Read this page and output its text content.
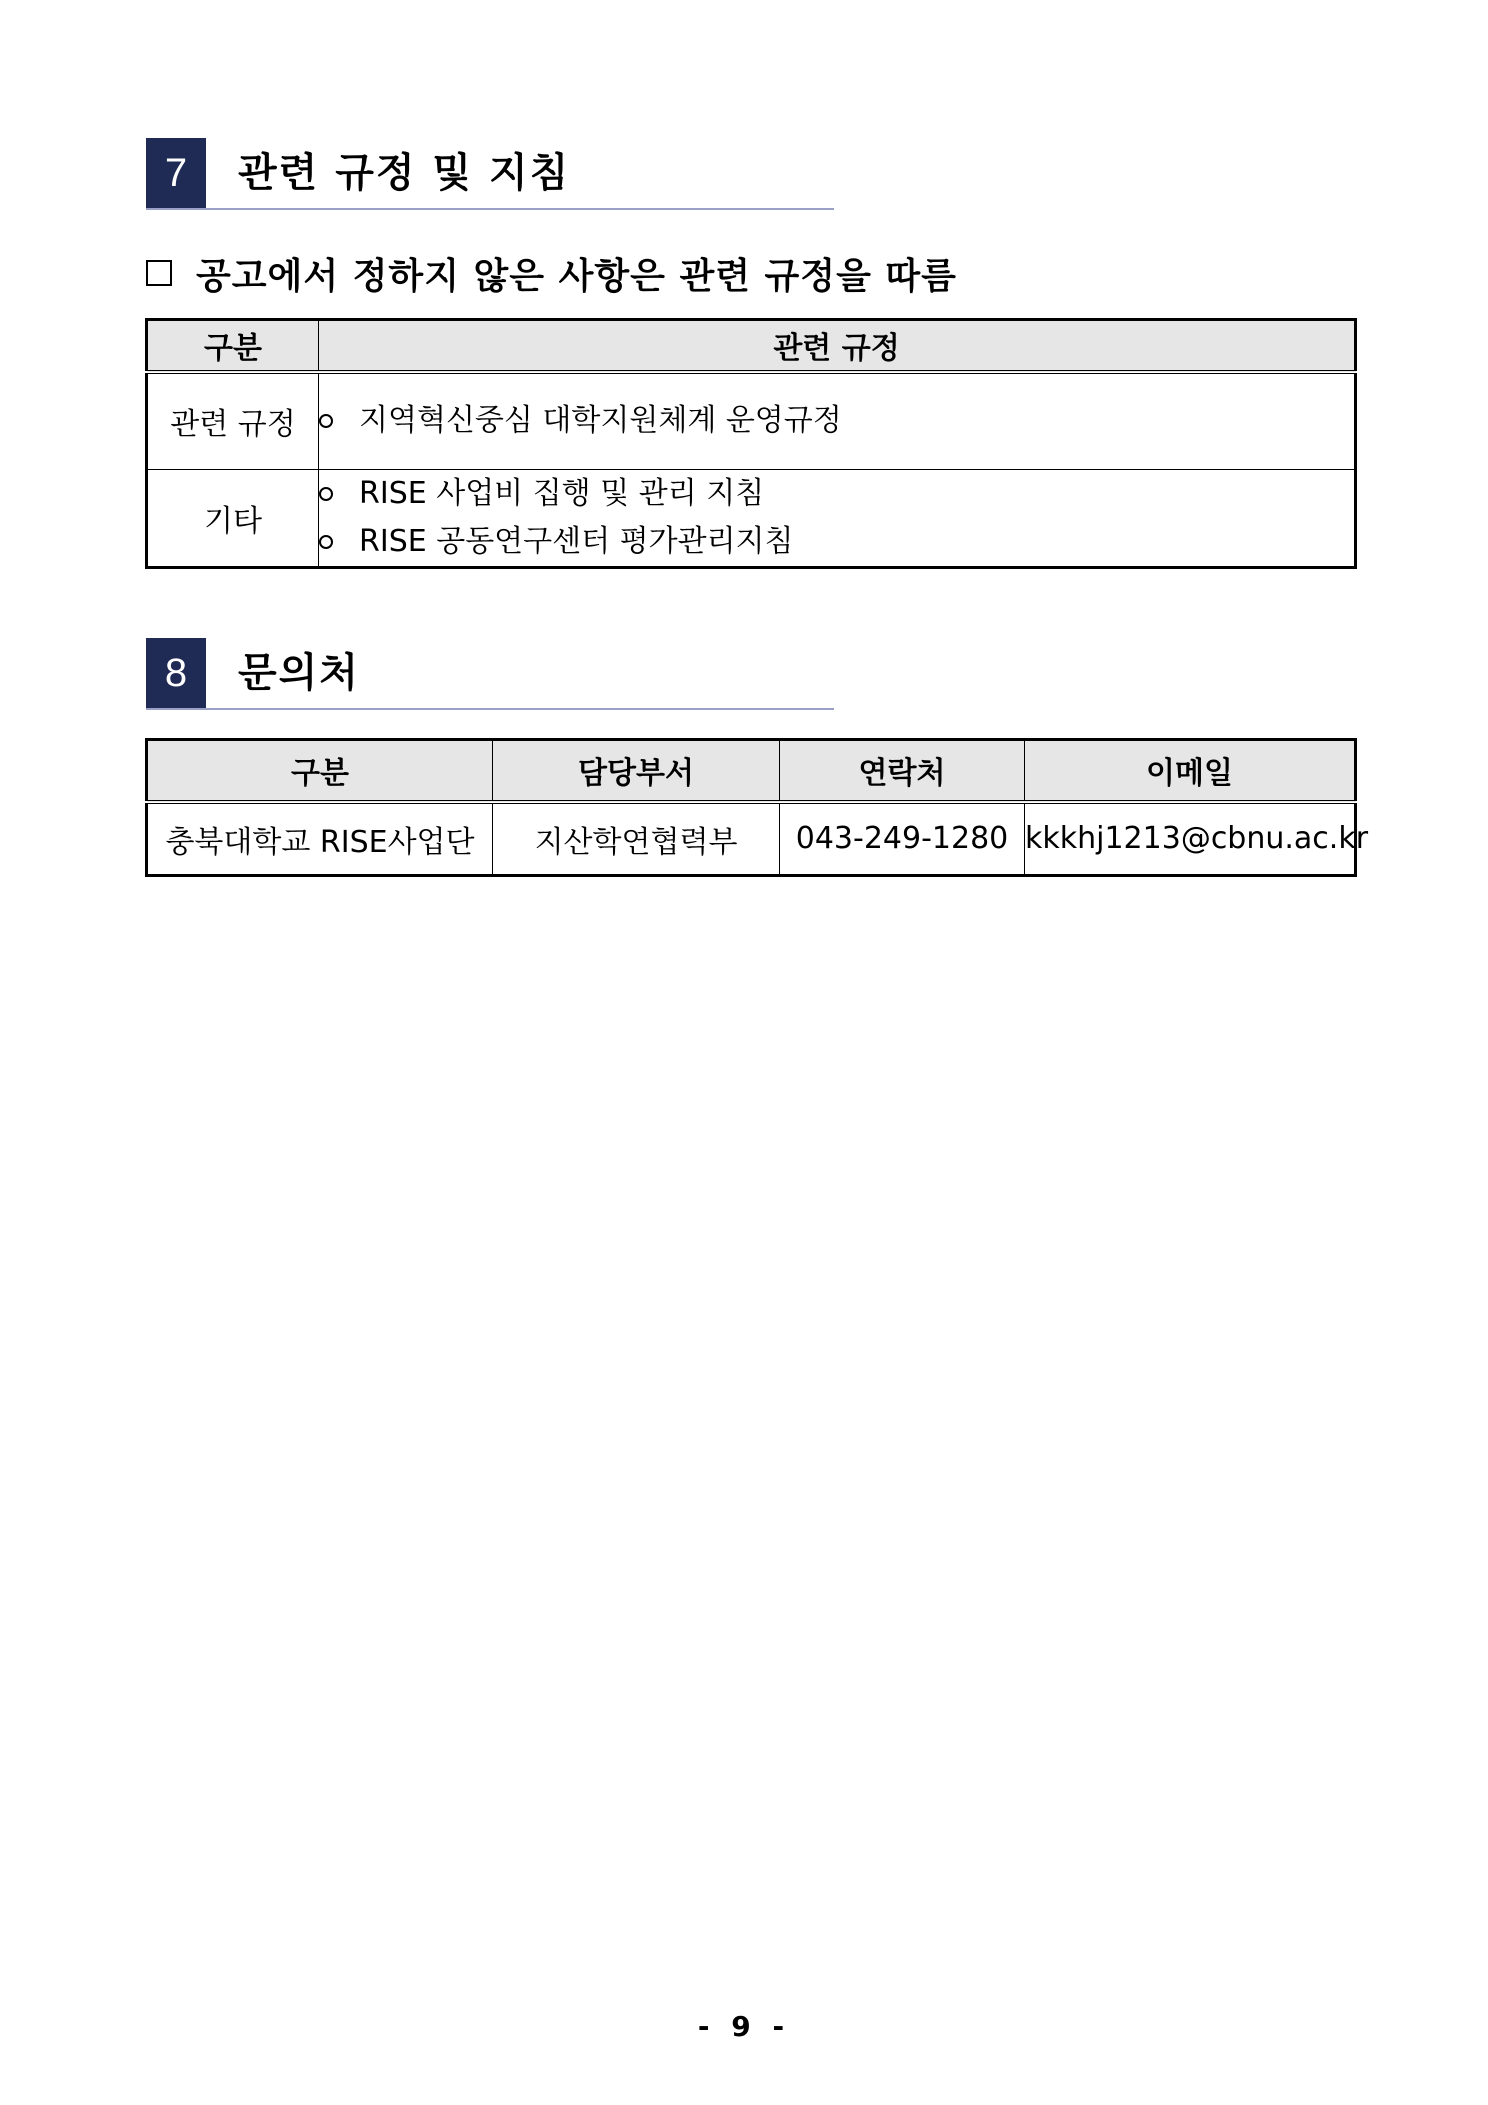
7	관련 규정 및 지침
공고에서 정하지 않은 사항은 관련 규정을 따름
구분	관련 규정
관련 규정	지역혁신중심 대학지원체계 운영규정

기타	RISE 사업비 집행 및 관리 지침
RISE 공동연구센터 평가관리지침
8	문의처
구분	담당부서	연락처	이메일
충북대학교 RISE사업단	지산학연협력부	043-249-1280	kkkhj1213@cbnu.ac.kr
- 9 -
